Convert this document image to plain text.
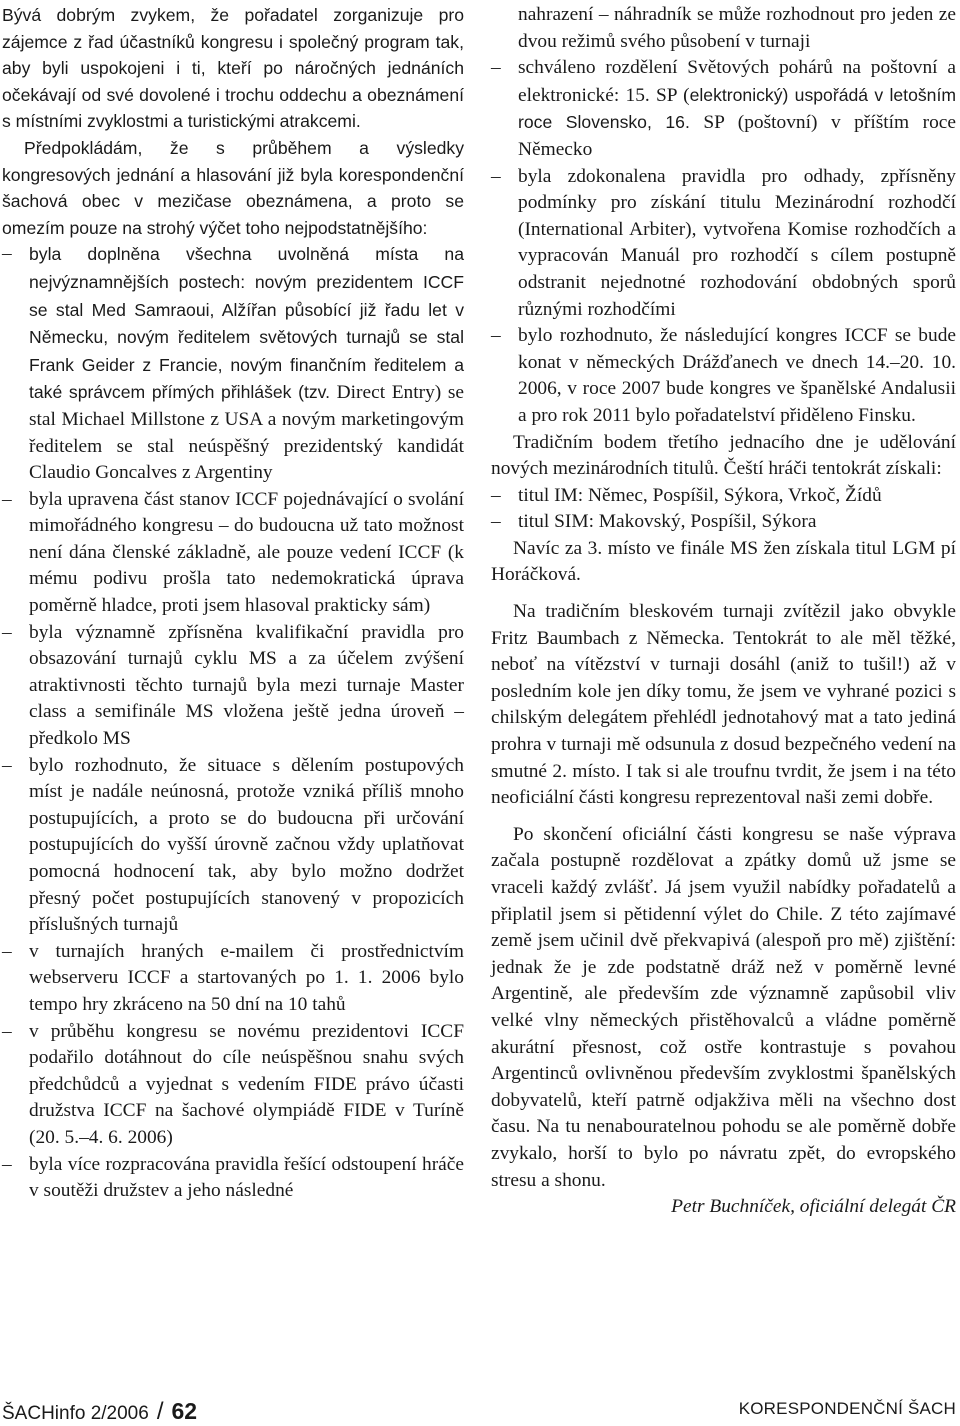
Bývá dobrým zvykem, že pořadatel zorganizuje pro zájemce z řad účastníků kongresu i společný program tak, aby byli uspokojeni i ti, kteří po náročných jednáních očekávají od své dovolené i trochu oddechu a obeznámení s místními zvyklostmi a turistickými atrakcemi.

Předpokládám, že s průběhem a výsledky kongresových jednání a hlasování již byla korespondenční šachová obec v mezičase obeznámena, a proto se omezím pouze na strohý výčet toho nejpodstatnějšího:

– byla doplněna všechna uvolněná místa na nejvýznamnějších postech: novým prezidentem ICCF se stal Med Samraoui, Alžířan působící již řadu let v Německu, novým ředitelem světových turnajů se stal Frank Geider z Francie, novým finančním ředitelem a také správcem přímých přihlášek (tzv. Direct Entry) se stal Michael Millstone z USA a novým marketingovým ředitelem se stal neúspěšný prezidentský kandidát Claudio Goncalves z Argentiny
– byla upravena část stanov ICCF pojednávající o svolání mimořádného kongresu – do budoucna už tato možnost není dána členské základně, ale pouze vedení ICCF (k mému podivu prošla tato nedemokratická úprava poměrně hladce, proti jsem hlasoval prakticky sám)
– byla významně zpřísněna kvalifikační pravidla pro obsazování turnajů cyklu MS a za účelem zvýšení atraktivnosti těchto turnajů byla mezi turnaje Master class a semifinále MS vložena ještě jedna úroveň – předkolo MS
– bylo rozhodnuto, že situace s dělením postupových míst je nadále neúnosná, protože vzniká příliš mnoho postupujících, a proto se do budoucna při určování postupujících do vyšší úrovně začnou vždy uplatňovat pomocná hodnocení tak, aby bylo možno dodržet přesný počet postupujících stanovený v propozicích příslušných turnajů
– v turnajích hraných e-mailem či prostřednictvím webserveru ICCF a startovaných po 1. 1. 2006 bylo tempo hry zkráceno na 50 dní na 10 tahů
– v průběhu kongresu se novému prezidentovi ICCF podařilo dotáhnout do cíle neúspěšnou snahu svých předchůdců a vyjednat s vedením FIDE právo účasti družstva ICCF na šachové olympiádě FIDE v Turíně (20. 5.–4. 6. 2006)
– byla více rozpracována pravidla řešící odstoupení hráče v soutěži družstev a jeho následné

nahrazení – náhradník se může rozhodnout pro jeden ze dvou režimů svého působení v turnaji

– schváleno rozdělení Světových pohárů na poštovní a elektronické: 15. SP (elektronický) uspořádá v letošním roce Slovensko, 16. SP (poštovní) v příštím roce Německo
– byla zdokonalena pravidla pro odhady, zpřísněny podmínky pro získání titulu Mezinárodní rozhodčí (International Arbiter), vytvořena Komise rozhodčích a vypracován Manuál pro rozhodčí s cílem postupně odstranit nejednotné rozhodování obdobných sporů různými rozhodčími
– bylo rozhodnuto, že následující kongres ICCF se bude konat v německých Drážďanech ve dnech 14.–20. 10. 2006, v roce 2007 bude kongres ve španělské Andalusii a pro rok 2011 bylo pořadatelství přiděleno Finsku.

Tradičním bodem třetího jednacího dne je udělování nových mezinárodních titulů. Čeští hráči tentokrát získali:

– titul IM: Němec, Pospíšil, Sýkora, Vrkoč, Žídů
– titul SIM: Makovský, Pospíšil, Sýkora

Navíc za 3. místo ve finále MS žen získala titul LGM pí Horáčková.

Na tradičním bleskovém turnaji zvítězil jako obvykle Fritz Baumbach z Německa. Tentokrát to ale měl těžké, neboť na vítězství v turnaji dosáhl (aniž to tušil!) až v posledním kole jen díky tomu, že jsem ve vyhrané pozici s chilským delegátem přehlédl jednotahový mat a tato jediná prohra v turnaji mě odsunula z dosud bezpečného vedení na smutné 2. místo. I tak si ale troufnu tvrdit, že jsem i na této neoficiální části kongresu reprezentoval naši zemi dobře.

Po skončení oficiální části kongresu se naše výprava začala postupně rozdělovat a zpátky domů už jsme se vraceli každý zvlášť. Já jsem využil nabídky pořadatelů a připlatil jsem si pětidenní výlet do Chile. Z této zajímavé země jsem učinil dvě překvapivá (alespoň pro mě) zjištění: jednak že je zde podstatně dráž než v poměrně levné Argentině, ale především zde významně zapůsobil vliv velké vlny německých přistěhovalců a vládne poměrně akurátní přesnost, což ostře kontrastuje s povahou Argentinců ovlivněnou především zvyklostmi španělských dobyvatelů, kteří patrně odjakživa měli na všechno dost času. Na tu nenabouratelnou pohodu se ale poměrně dobře zvykalo, horší to bylo po návratu zpět, do evropského stresu a shonu.

Petr Buchníček, oficiální delegát ČR

ŠACHinfo 2/2006 / 62	KORESPONDENČNÍ ŠACH
